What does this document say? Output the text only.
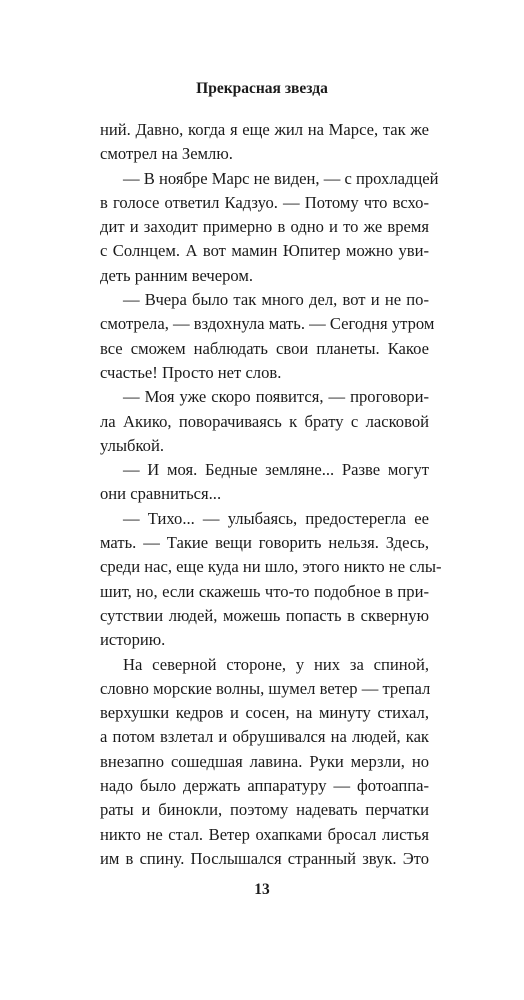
Прекрасная звезда
ний. Давно, когда я еще жил на Марсе, так же
смотрел на Землю.
— В ноябре Марс не виден, — с прохладцей
в голосе ответил Кадзуо. — Потому что всхо-
дит и заходит примерно в одно и то же время
с Солнцем. А вот мамин Юпитер можно уви-
деть ранним вечером.
— Вчера было так много дел, вот и не по-
смотрела, — вздохнула мать. — Сегодня утром
все сможем наблюдать свои планеты. Какое
счастье! Просто нет слов.
— Моя уже скоро появится, — проговори-
ла Акико, поворачиваясь к брату с ласковой
улыбкой.
— И моя. Бедные земляне... Разве могут
они сравниться...
— Тихо... — улыбаясь, предостерегла ее
мать. — Такие вещи говорить нельзя. Здесь,
среди нас, еще куда ни шло, этого никто не слы-
шит, но, если скажешь что-то подобное в при-
сутствии людей, можешь попасть в скверную
историю.
На северной стороне, у них за спиной,
словно морские волны, шумел ветер — трепал
верхушки кедров и сосен, на минуту стихал,
а потом взлетал и обрушивался на людей, как
внезапно сошедшая лавина. Руки мерзли, но
надо было держать аппаратуру — фотоаппа-
раты и бинокли, поэтому надевать перчатки
никто не стал. Ветер охапками бросал листья
им в спину. Послышался странный звук. Это
13
